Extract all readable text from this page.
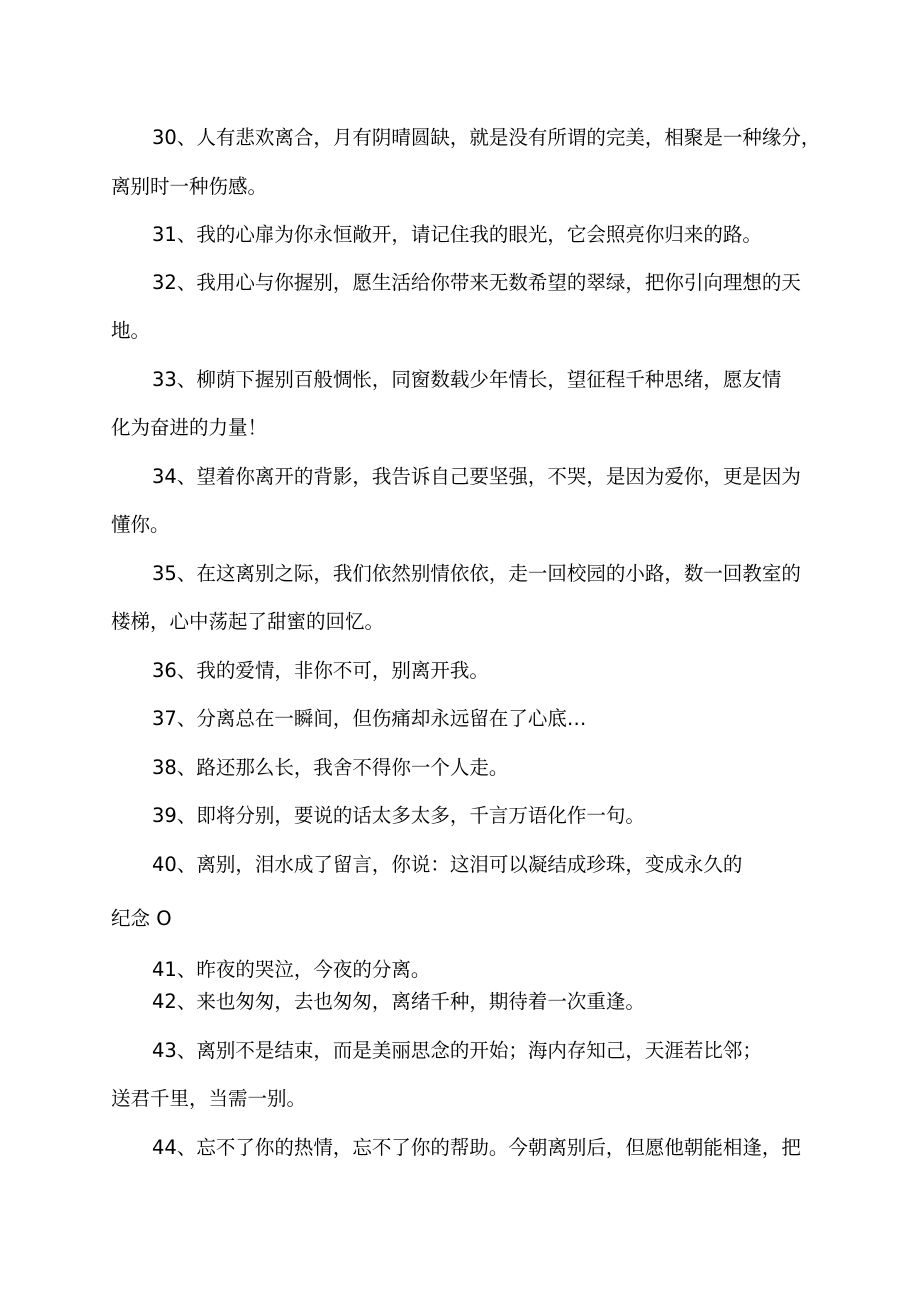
30、人有悲欢离合，月有阴晴圆缺，就是没有所谓的完美，相聚是一种缘分，

离别时一种伤感。

31、我的心扉为你永恒敞开，请记住我的眼光，它会照亮你归来的路。

32、我用心与你握别，愿生活给你带来无数希望的翠绿，把你引向理想的天

地。

33、柳荫下握别百般惆怅，同窗数载少年情长，望征程千种思绪，愿友情

化为奋进的力量！

34、望着你离开的背影，我告诉自己要坚强，不哭，是因为爱你，更是因为

懂你。

35、在这离别之际，我们依然别情依依，走一回校园的小路，数一回教室的

楼梯，心中荡起了甜蜜的回忆。

36、我的爱情，非你不可，别离开我。

37、分离总在一瞬间，但伤痛却永远留在了心底…

38、路还那么长，我舍不得你一个人走。

39、即将分别，要说的话太多太多，千言万语化作一句。

40、离别，泪水成了留言，你说：这泪可以凝结成珍珠，变成永久的

纪念 O

41、昨夜的哭泣，今夜的分离。

42、来也匆匆，去也匆匆，离绪千种，期待着一次重逢。

43、离别不是结束，而是美丽思念的开始；海内存知己，天涯若比邻；

送君千里，当需一别。

44、忘不了你的热情，忘不了你的帮助。今朝离别后，但愿他朝能相逢，把
